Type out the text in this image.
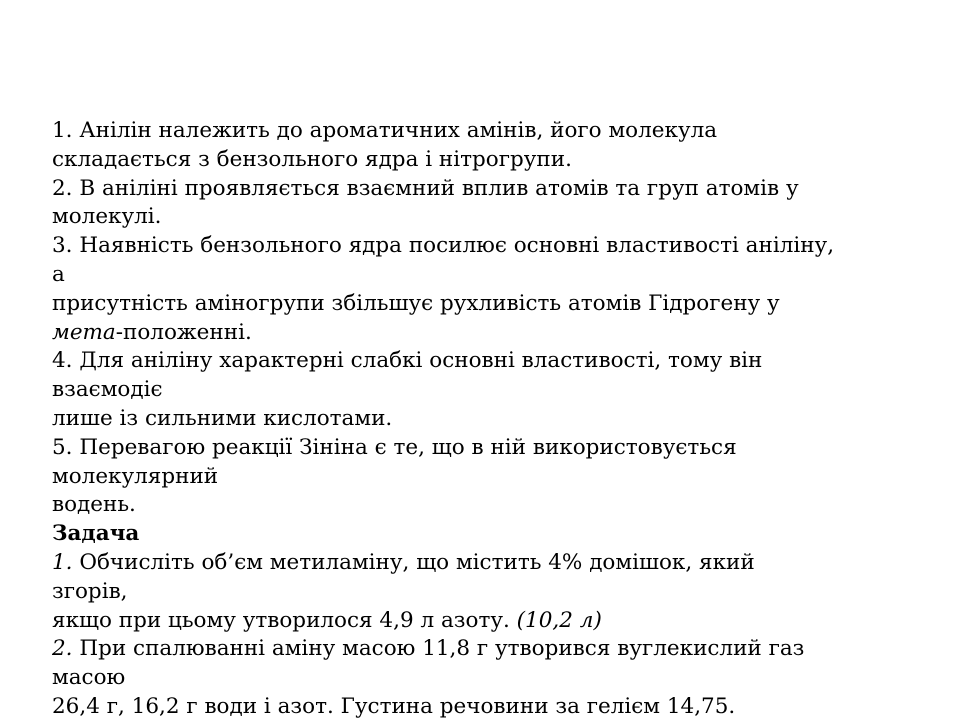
1. Анілін належить до ароматичних амінів, його молекула
складається з бензольного ядра і нітрогрупи.
2. В аніліні проявляється взаємний вплив атомів та груп атомів у
молекулі.
3. Наявність бензольного ядра посилює основні властивості аніліну,
а
присутність аміногрупи збільшує рухливість атомів Гідрогену у
мета-положенні.
4. Для аніліну характерні слабкі основні властивості, тому він
взаємодіє
лише із сильними кислотами.
5. Перевагою реакції Зініна є те, що в ній використовується
молекулярний
водень.
Задача
1. Обчисліть об’єм метиламіну, що містить 4% домішок, який
згорів,
якщо при цьому утворилося 4,9 л азоту. (10,2 л)
2. При спалюванні аміну масою 11,8 г утворився вуглекислий газ
масою
26,4 г, 16,2 г води і азот. Густина речовини за гелієм 14,75.
